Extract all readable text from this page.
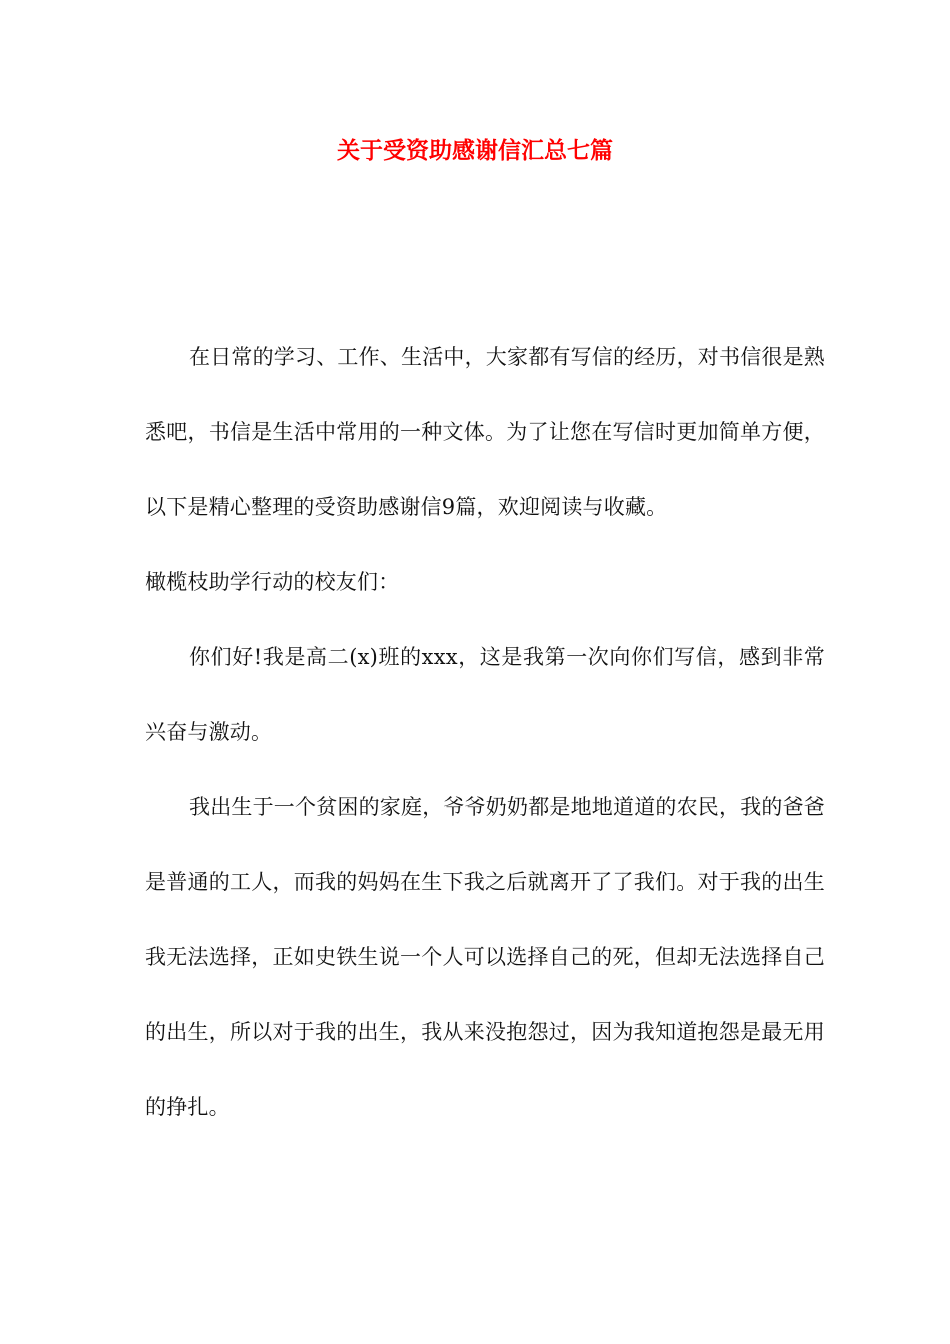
关于受资助感谢信汇总七篇

在日常的学习、工作、生活中，大家都有写信的经历，对书信很是熟悉吧，书信是生活中常用的一种文体。为了让您在写信时更加简单方便，以下是精心整理的受资助感谢信9篇，欢迎阅读与收藏。

橄榄枝助学行动的校友们：

你们好!我是高二(x)班的xxx，这是我第一次向你们写信，感到非常兴奋与激动。

我出生于一个贫困的家庭，爷爷奶奶都是地地道道的农民，我的爸爸是普通的工人，而我的妈妈在生下我之后就离开了了我们。对于我的出生我无法选择，正如史铁生说一个人可以选择自己的死，但却无法选择自己的出生，所以对于我的出生，我从来没抱怨过，因为我知道抱怨是最无用的挣扎。
